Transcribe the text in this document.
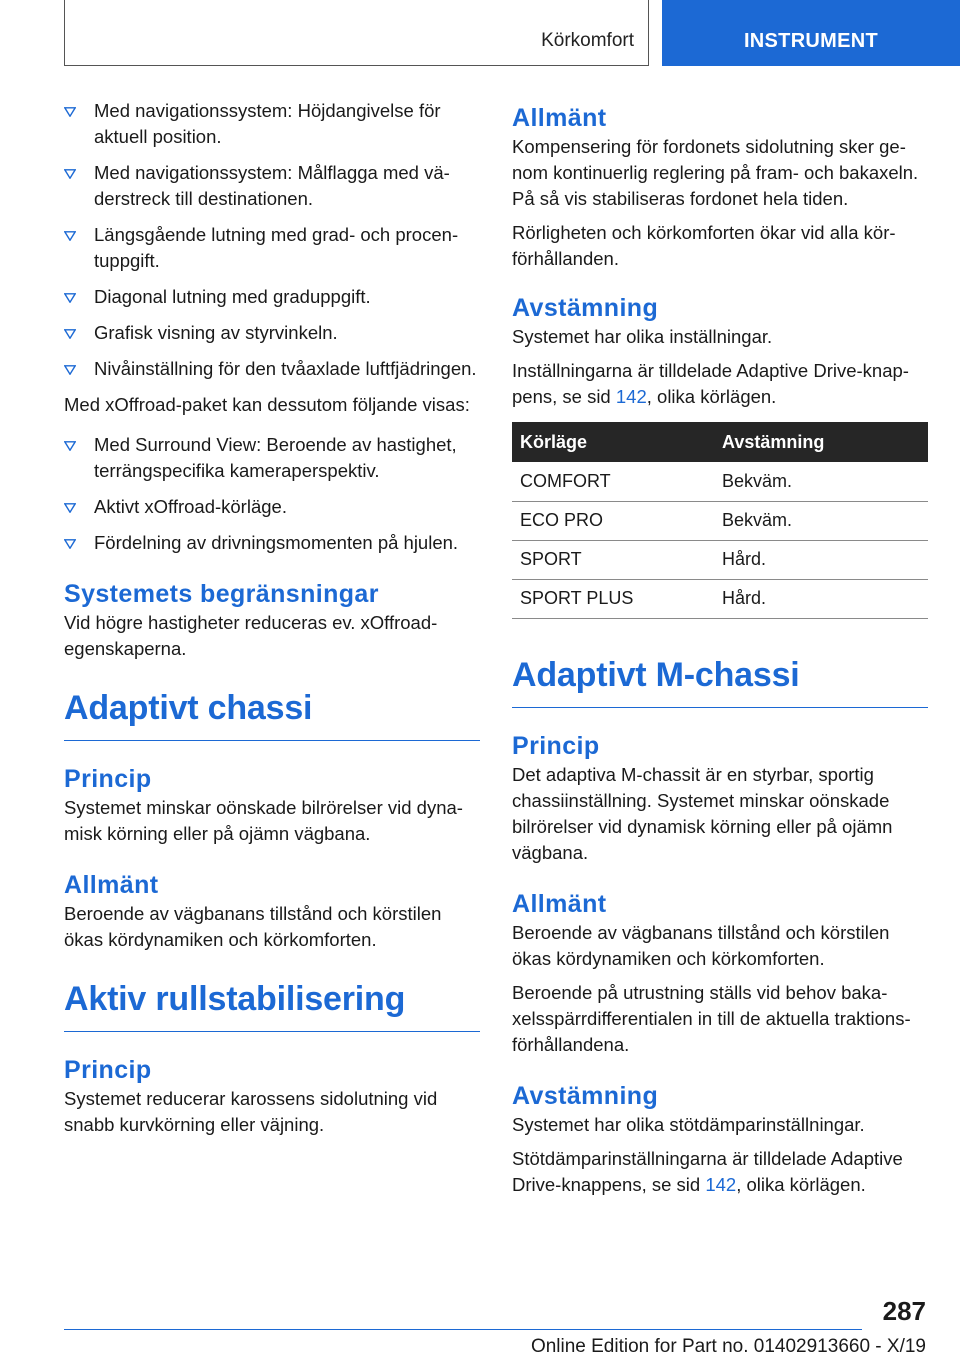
Körkomfort	INSTRUMENT
Med navigationssystem: Höjdangivelse för aktuell position.
Med navigationssystem: Målflagga med väderstreck till destinationen.
Längsgående lutning med grad- och procentuppgift.
Diagonal lutning med graduppgift.
Grafisk visning av styrvinkeln.
Nivåinställning för den tvåaxlade luftfjädringen.

Med xOffroad-paket kan dessutom följande visas:

Med Surround View: Beroende av hastighet, terrängspecifika kameraperspektiv.
Aktivt xOffroad-körläge.
Fördelning av drivningsmomenten på hjulen.
Systemets begränsningar

Vid högre hastigheter reduceras ev. xOffroad-egenskaperna.

Adaptivt chassi
Princip

Systemet minskar oönskade bilrörelser vid dynamisk körning eller på ojämn vägbana.

Allmänt

Beroende av vägbanans tillstånd och körstilen ökas kördynamiken och körkomforten.

Aktiv rullstabilisering
Princip

Systemet reducerar karossens sidolutning vid snabb kurvkörning eller väjning.

Allmänt

Kompensering för fordonets sidolutning sker genom kontinuerlig reglering på fram- och bakaxeln. På så vis stabiliseras fordonet hela tiden.

Rörligheten och körkomforten ökar vid alla körförhållanden.

Avstämning

Systemet har olika inställningar.

Inställningarna är tilldelade Adaptive Drive-knappens, se sid 142, olika körlägen.

Körläge	Avstämning
COMFORT	Bekväm.
ECO PRO	Bekväm.
SPORT	Hård.
SPORT PLUS	Hård.
Adaptivt M-chassi
Princip

Det adaptiva M-chassit är en styrbar, sportig chassiinställning. Systemet minskar oönskade bilrörelser vid dynamisk körning eller på ojämn vägbana.

Allmänt

Beroende av vägbanans tillstånd och körstilen ökas kördynamiken och körkomforten.

Beroende på utrustning ställs vid behov bakaxelsspärrdifferentialen in till de aktuella traktionsförhållandena.

Avstämning

Systemet har olika stötdämparinställningar.

Stötdämparinställningarna är tilldelade Adaptive Drive-knappens, se sid 142, olika körlägen.

287
Online Edition for Part no. 01402913660 - X/19
